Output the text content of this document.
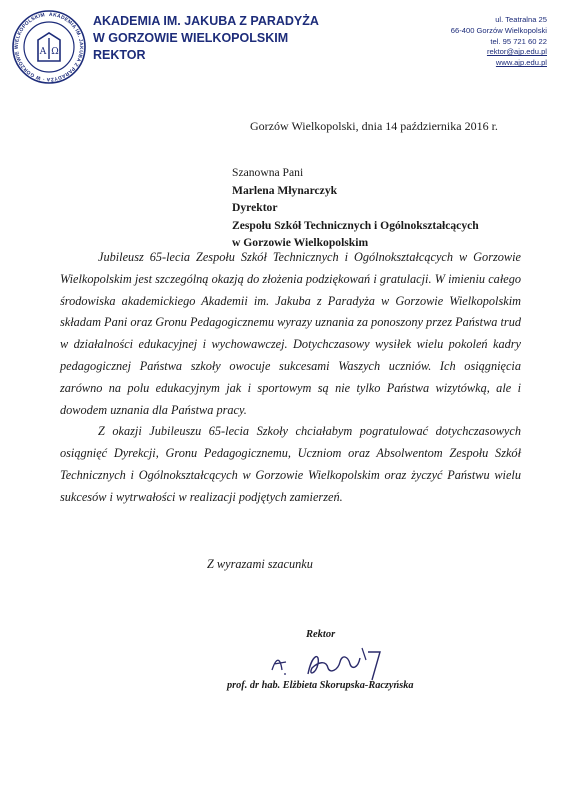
A Ω
AKADEMIA IM. JAKUBA Z PARADYŻA · W GORZOWIE WIELKOPOLSKIM	AKADEMIA IM. JAKUBA Z PARADYŻA
W GORZOWIE WIELKOPOLSKIM
REKTOR
ul. Teatralna 25
66-400 Gorzów Wielkopolski
tel. 95 721 60 22
rektor@ajp.edu.pl
www.ajp.edu.pl
Gorzów Wielkopolski, dnia 14 października 2016 r.
Szanowna Pani
Marlena Młynarczyk
Dyrektor
Zespołu Szkół Technicznych i Ogólnokształcących
w Gorzowie Wielkopolskim
Jubileusz 65-lecia Zespołu Szkół Technicznych i Ogólnokształcących w Gorzowie Wielkopolskim jest szczególną okazją do złożenia podziękowań i gratulacji. W imieniu całego środowiska akademickiego Akademii im. Jakuba z Paradyża w Gorzowie Wielkopolskim składam Pani oraz Gronu Pedagogicznemu wyrazy uznania za ponoszony przez Państwa trud w działalności edukacyjnej i wychowawczej. Dotychczasowy wysiłek wielu pokoleń kadry pedagogicznej Państwa szkoły owocuje sukcesami Waszych uczniów. Ich osiągnięcia zarówno na polu edukacyjnym jak i sportowym są nie tylko Państwa wizytówką, ale i dowodem uznania dla Państwa pracy.
Z okazji Jubileuszu 65-lecia Szkoły chciałabym pogratulować dotychczasowych osiągnięć Dyrekcji, Gronu Pedagogicznemu, Uczniom oraz Absolwentom Zespołu Szkół Technicznych i Ogólnokształcących w Gorzowie Wielkopolskim oraz życzyć Państwu wielu sukcesów i wytrwałości w realizacji podjętych zamierzeń.
Z wyrazami szacunku
Rektor
prof. dr hab. Elżbieta Skorupska-Raczyńska
